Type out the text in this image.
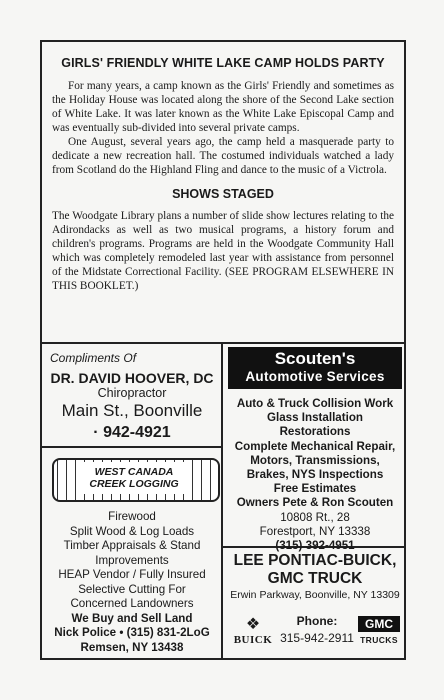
GIRLS' FRIENDLY WHITE LAKE CAMP HOLDS PARTY

For many years, a camp known as the Girls' Friendly and sometimes as the Holiday House was located along the shore of the Second Lake section of White Lake. It was later known as the White Lake Episcopal Camp and was eventually sub-divided into several private camps.

One August, several years ago, the camp held a masquerade party to dedicate a new recreation hall. The costumed individuals watched a lady from Scotland do the Highland Fling and dance to the music of a Victrola.

SHOWS STAGED

The Woodgate Library plans a number of slide show lectures relating to the Adirondacks as well as two musical programs, a history forum and children's programs. Programs are held in the Woodgate Community Hall which was completely remodeled last year with assistance from personnel of the Midstate Correctional Facility. (SEE PROGRAM ELSEWHERE IN THIS BOOKLET.)

Compliments Of
DR. DAVID HOOVER, DC
Chiropractor
Main St., Boonville
· 942-4921
WEST CANADA
CREEK LOGGING
Firewood
Split Wood & Log Loads
Timber Appraisals & Stand
Improvements
HEAP Vendor / Fully Insured
Selective Cutting For
Concerned Landowners
We Buy and Sell Land
Nick Police • (315) 831-2LoG
Remsen, NY 13438
Scouten's
Automotive Services
Auto & Truck Collision Work
Glass Installation
Restorations
Complete Mechanical Repair,
Motors, Transmissions,
Brakes, NYS Inspections
Free Estimates
Owners Pete & Ron Scouten
10808 Rt., 28
Forestport, NY 13338
(315) 392-4951
LEE PONTIAC-BUICK,
GMC TRUCK
Erwin Parkway, Boonville, NY 13309
❖
BUICK
Phone:
315-942-2911
GMC
TRUCKS
